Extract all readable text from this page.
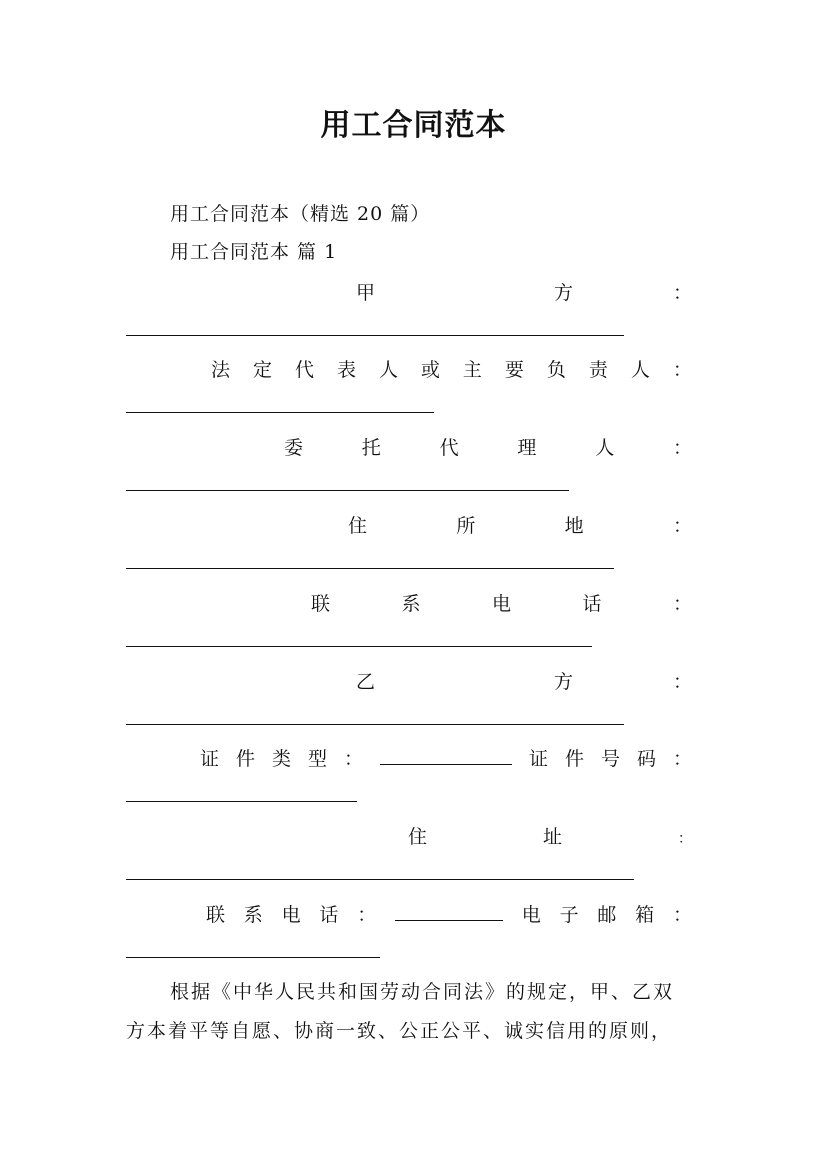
用工合同范本
用工合同范本（精选 20 篇）
用工合同范本 篇 1
甲	方	：
法 定 代 表 人 或 主 要 负 责 人 ：
委	托	代	理	人	：
住	所	地	：
联	系	电	话	：
乙	方	：
证 件 类 型 ：	证 件 号 码 ：
住	址	：
联 系 电 话 ：	电 子 邮 箱 ：
根据《中华人民共和国劳动合同法》的规定，甲、乙双
方本着平等自愿、协商一致、公正公平、诚实信用的原则，
